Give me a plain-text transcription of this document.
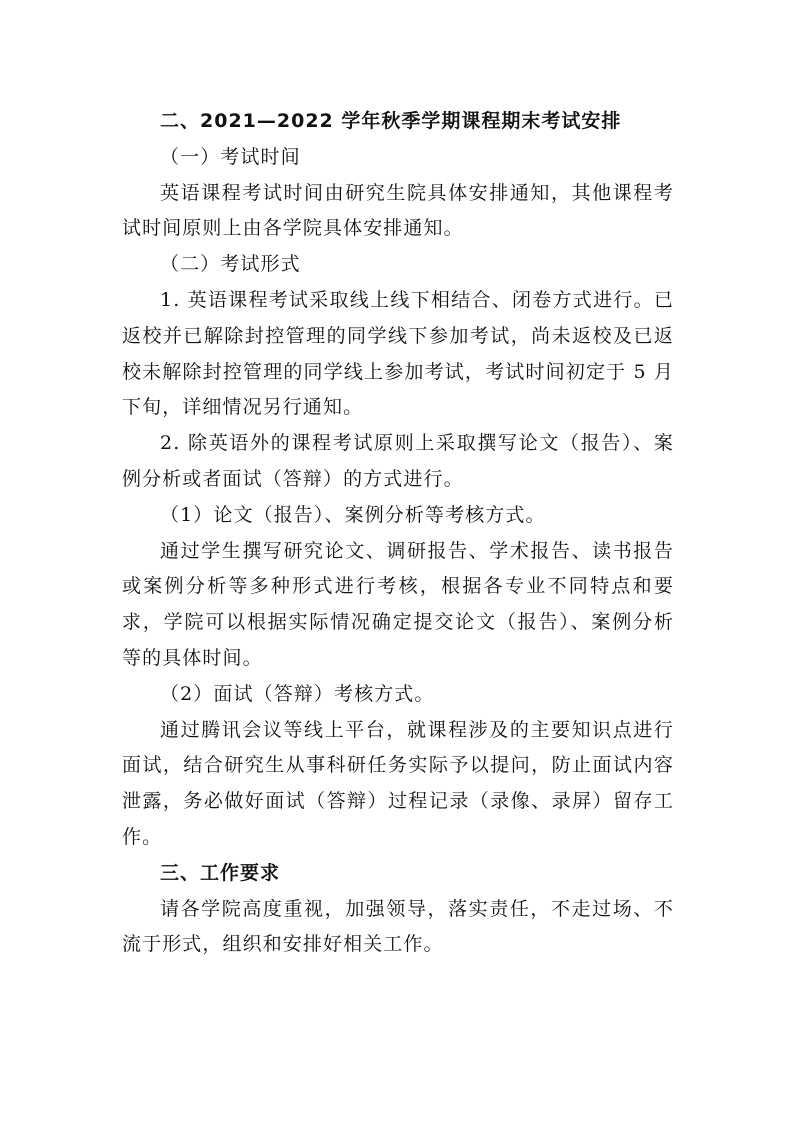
二、2021—2022 学年秋季学期课程期末考试安排

（一）考试时间

英语课程考试时间由研究生院具体安排通知，其他课程考试时间原则上由各学院具体安排通知。

（二）考试形式

1. 英语课程考试采取线上线下相结合、闭卷方式进行。已返校并已解除封控管理的同学线下参加考试，尚未返校及已返校未解除封控管理的同学线上参加考试，考试时间初定于 5 月下旬，详细情况另行通知。

2. 除英语外的课程考试原则上采取撰写论文（报告）、案例分析或者面试（答辩）的方式进行。

（1）论文（报告）、案例分析等考核方式。

通过学生撰写研究论文、调研报告、学术报告、读书报告或案例分析等多种形式进行考核，根据各专业不同特点和要求，学院可以根据实际情况确定提交论文（报告）、案例分析等的具体时间。

（2）面试（答辩）考核方式。

通过腾讯会议等线上平台，就课程涉及的主要知识点进行面试，结合研究生从事科研任务实际予以提问，防止面试内容泄露，务必做好面试（答辩）过程记录（录像、录屏）留存工作。

三、工作要求

请各学院高度重视，加强领导，落实责任，不走过场、不流于形式，组织和安排好相关工作。
